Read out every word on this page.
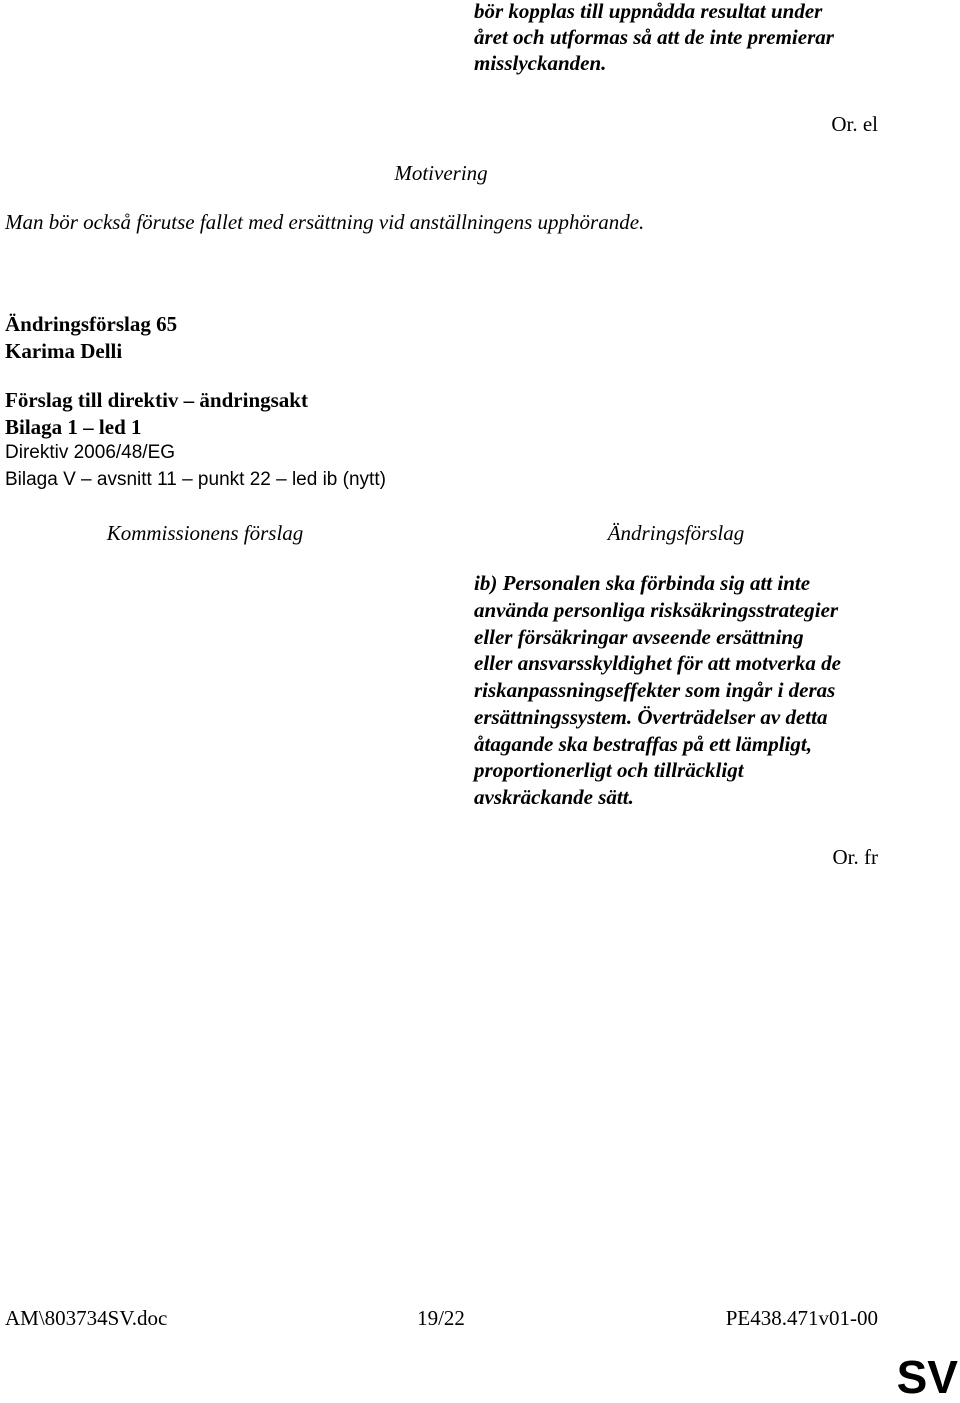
bör kopplas till uppnådda resultat under
året och utformas så att de inte premierar
misslyckanden.
Or. el
Motivering
Man bör också förutse fallet med ersättning vid anställningens upphörande.
Ändringsförslag 65
Karima Delli
Förslag till direktiv – ändringsakt
Bilaga 1 – led 1
Direktiv 2006/48/EG
Bilaga V – avsnitt 11 – punkt 22 – led ib (nytt)
Kommissionens förslag	Ändringsförslag
ib) Personalen ska förbinda sig att inte
använda personliga risksäkringsstrategier
eller försäkringar avseende ersättning
eller ansvarsskyldighet för att motverka de
riskanpassningseffekter som ingår i deras
ersättningssystem. Överträdelser av detta
åtagande ska bestraffas på ett lämpligt,
proportionerligt och tillräckligt
avskräckande sätt.
Or. fr
AM\803734SV.doc	19/22	PE438.471v01-00
SV
